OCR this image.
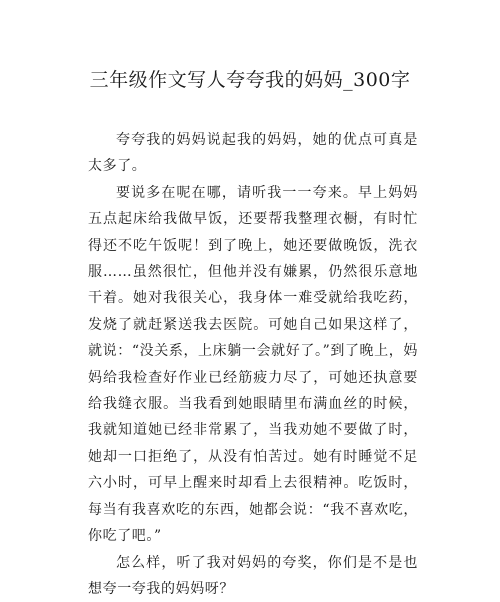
三年级作文写人夸夸我的妈妈_300字

夸夸我的妈妈说起我的妈妈，她的优点可真是太多了。

要说多在呢在哪，请听我一一夸来。早上妈妈五点起床给我做早饭，还要帮我整理衣橱，有时忙得还不吃午饭呢！到了晚上，她还要做晚饭，洗衣服……虽然很忙，但他并没有嫌累，仍然很乐意地干着。她对我很关心，我身体一难受就给我吃药，发烧了就赶紧送我去医院。可她自己如果这样了，就说：“没关系，上床躺一会就好了。”到了晚上，妈妈给我检查好作业已经筋疲力尽了，可她还执意要给我缝衣服。当我看到她眼睛里布满血丝的时候，我就知道她已经非常累了，当我劝她不要做了时，她却一口拒绝了，从没有怕苦过。她有时睡觉不足六小时，可早上醒来时却看上去很精神。吃饭时，每当有我喜欢吃的东西，她都会说：“我不喜欢吃，你吃了吧。”

怎么样，听了我对妈妈的夸奖，你们是不是也想夸一夸我的妈妈呀？
